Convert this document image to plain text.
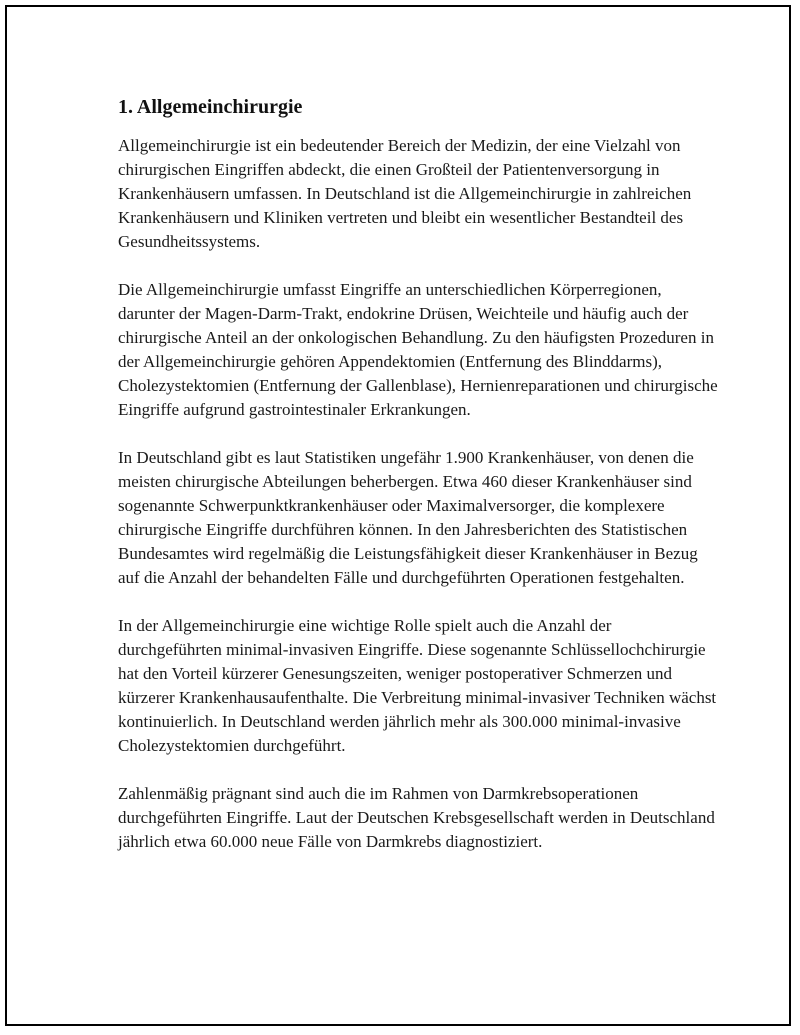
1. Allgemeinchirurgie

Allgemeinchirurgie ist ein bedeutender Bereich der Medizin, der eine Vielzahl von chirurgischen Eingriffen abdeckt, die einen Großteil der Patientenversorgung in Krankenhäusern umfassen. In Deutschland ist die Allgemeinchirurgie in zahlreichen Krankenhäusern und Kliniken vertreten und bleibt ein wesentlicher Bestandteil des Gesundheitssystems.

Die Allgemeinchirurgie umfasst Eingriffe an unterschiedlichen Körperregionen, darunter der Magen-Darm-Trakt, endokrine Drüsen, Weichteile und häufig auch der chirurgische Anteil an der onkologischen Behandlung. Zu den häufigsten Prozeduren in der Allgemeinchirurgie gehören Appendektomien (Entfernung des Blinddarms), Cholezystektomien (Entfernung der Gallenblase), Hernienreparationen und chirurgische Eingriffe aufgrund gastrointestinaler Erkrankungen.

In Deutschland gibt es laut Statistiken ungefähr 1.900 Krankenhäuser, von denen die meisten chirurgische Abteilungen beherbergen. Etwa 460 dieser Krankenhäuser sind sogenannte Schwerpunktkrankenhäuser oder Maximalversorger, die komplexere chirurgische Eingriffe durchführen können. In den Jahresberichten des Statistischen Bundesamtes wird regelmäßig die Leistungsfähigkeit dieser Krankenhäuser in Bezug auf die Anzahl der behandelten Fälle und durchgeführten Operationen festgehalten.

In der Allgemeinchirurgie eine wichtige Rolle spielt auch die Anzahl der durchgeführten minimal-invasiven Eingriffe. Diese sogenannte Schlüssellochchirurgie hat den Vorteil kürzerer Genesungszeiten, weniger postoperativer Schmerzen und kürzerer Krankenhausaufenthalte. Die Verbreitung minimal-invasiver Techniken wächst kontinuierlich. In Deutschland werden jährlich mehr als 300.000 minimal-invasive Cholezystektomien durchgeführt.

Zahlenmäßig prägnant sind auch die im Rahmen von Darmkrebsoperationen durchgeführten Eingriffe. Laut der Deutschen Krebsgesellschaft werden in Deutschland jährlich etwa 60.000 neue Fälle von Darmkrebs diagnostiziert.
